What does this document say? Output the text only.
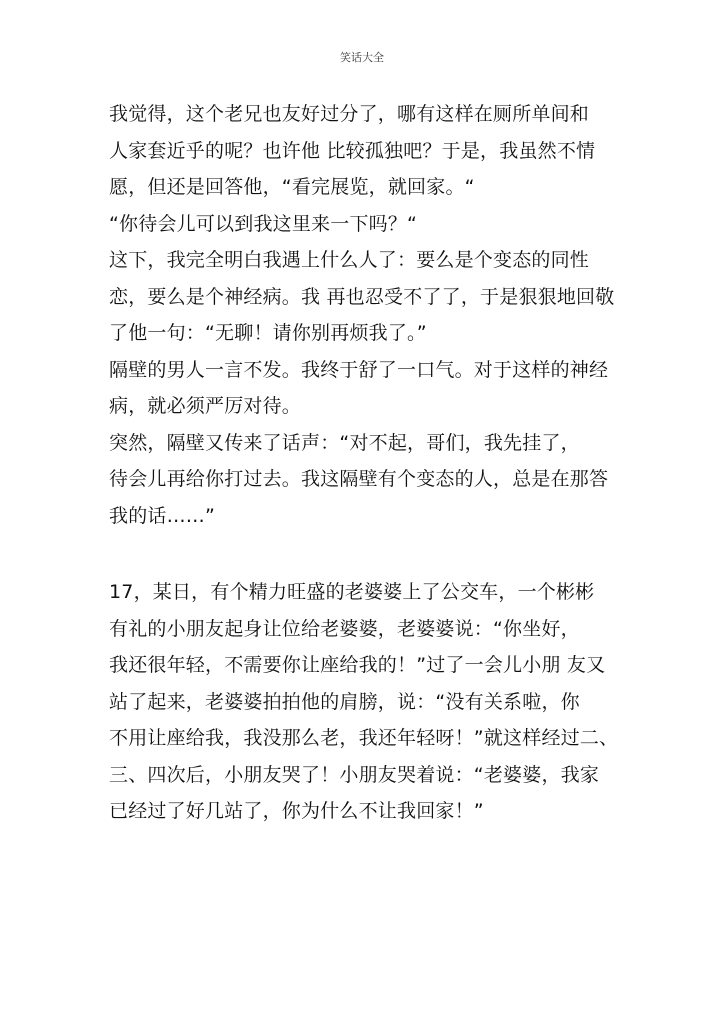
笑话大全
我觉得，这个老兄也友好过分了，哪有这样在厕所单间和
人家套近乎的呢？也许他 比较孤独吧？于是，我虽然不情
愿，但还是回答他，“看完展览，就回家。“
“你待会儿可以到我这里来一下吗？“
这下，我完全明白我遇上什么人了：要么是个变态的同性
恋，要么是个神经病。我 再也忍受不了了，于是狠狠地回敬
了他一句：“无聊！请你别再烦我了。”
隔壁的男人一言不发。我终于舒了一口气。对于这样的神经
病，就必须严厉对待。
突然，隔壁又传来了话声：“对不起，哥们，我先挂了，
待会儿再给你打过去。我这隔壁有个变态的人，总是在那答
我的话……”
17，某日，有个精力旺盛的老婆婆上了公交车，一个彬彬
有礼的小朋友起身让位给老婆婆，老婆婆说：“你坐好，
我还很年轻，不需要你让座给我的！”过了一会儿小朋 友又
站了起来，老婆婆拍拍他的肩膀，说：“没有关系啦，你
不用让座给我，我没那么老，我还年轻呀！”就这样经过二、
三、四次后，小朋友哭了！小朋友哭着说：“老婆婆，我家
已经过了好几站了，你为什么不让我回家！”
